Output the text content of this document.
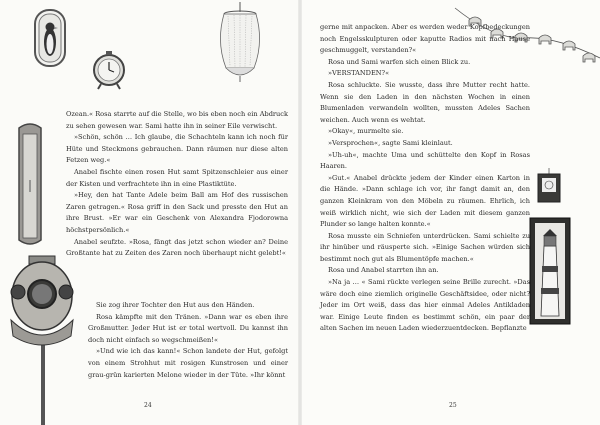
Ozean.« Rosa starrte auf die Stelle, wo bis eben noch ein Abdruck zu sehen gewesen war. Sami hatte ihn in seiner Eile verwischt.

»Schön, schön … Ich glaube, die Schachteln kann ich noch für Hüte und Steckmons gebrauchen. Dann räumen nur diese alten Fetzen weg.«

Anabel fischte einen rosen Hut samt Spitzenschleier aus einer der Kisten und verfrachtete ihn in eine Plastiktüte.

»Hey, den hat Tante Adele beim Ball am Hof des russischen Zaren getragen.« Rosa griff in den Sack und presste den Hut an ihre Brust. »Er war ein Geschenk von Alexandra Fjodorowna höchstpersönlich.«

Anabel seufzte. »Rosa, fängt das jetzt schon wieder an? Deine Großtante hat zu Zeiten des Zaren noch überhaupt nicht gelebt!«

Sie zog ihrer Tochter den Hut aus den Händen.

Rosa kämpfte mit den Tränen. »Dann war es eben ihre Großmutter. Jeder Hut ist er total wertvoll. Du kannst ihn doch nicht einfach so wegschmeißen!«

»Und wie ich das kann!« Schon landete der Hut, gefolgt von einem Strohhut mit rosigen Kunstrosen und einer grau-grün karierten Melone wieder in der Tüte. »Ihr könnt

24

gerne mit anpacken. Aber es werden weder Kopfbedeckungen noch Engelsskulpturen oder kaputte Radios mit nach Hause geschmuggelt, verstanden?«

Rosa und Sami warfen sich einen Blick zu.

»VERSTANDEN?«

Rosa schluckte. Sie wusste, dass ihre Mutter recht hatte. Wenn sie den Laden in den nächsten Wochen in einen Blumenladen verwandeln wollten, mussten Adeles Sachen weichen. Auch wenn es wehtat.

»Okay«, murmelte sie.

»Versprochen«, sagte Sami kleinlaut.

»Uh-uh«, machte Uma und schüttelte den Kopf in Rosas Haaren.

»Gut.« Anabel drückte jedem der Kinder einen Karton in die Hände. »Dann schlage ich vor, ihr fangt damit an, den ganzen Kleinkram von den Möbeln zu räumen. Ehrlich, ich weiß wirklich nicht, wie sich der Laden mit diesem ganzen Plunder so lange halten konnte.«

Rosa musste ein Schniefen unterdrücken. Sami schielte zu ihr hinüber und räusperte sich. »Einige Sachen würden sich bestimmt noch gut als Blumentöpfe machen.«

Rosa und Anabel starrten ihn an.

»Na ja … « Sami rückte verlegen seine Brille zurecht. »Das wäre doch eine ziemlich originelle Geschäftsidee, oder nicht? Jeder im Ort weiß, dass das hier einmal Adeles Antikladen war. Einige Leute finden es bestimmt schön, ein paar der alten Sachen im neuen Laden wiederzuentdecken. Bepflanzte

25
